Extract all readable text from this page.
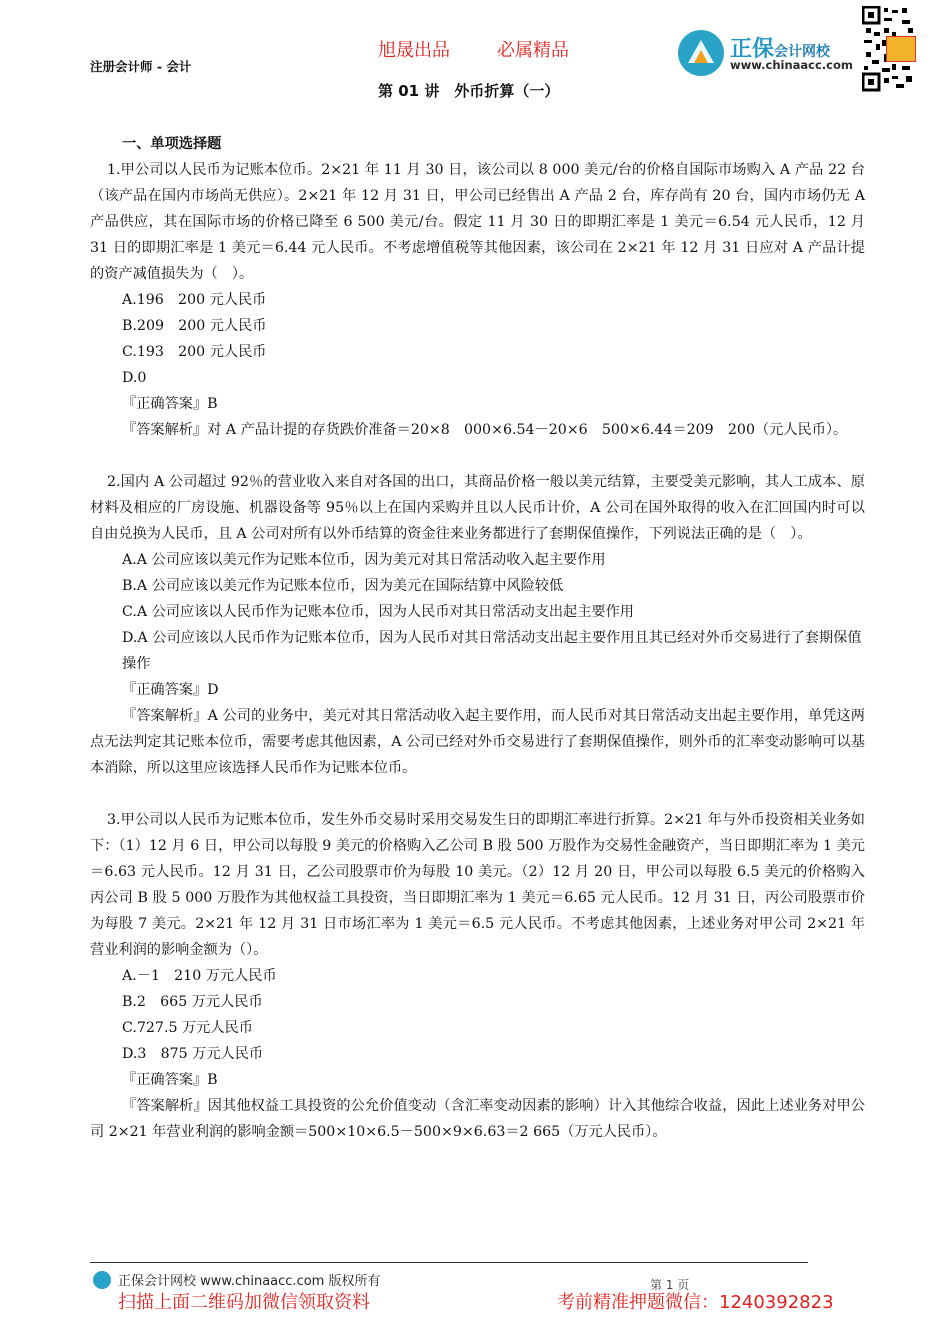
旭晟出品	必属精品
注册会计师 - 会计
第 01 讲　外币折算（一）
正保会计网校
www.chinaacc.com
一、单项选择题
1.甲公司以人民币为记账本位币。2×21 年 11 月 30 日，该公司以 8 000 美元/台的价格自国际市场购入 A 产品 22 台（该产品在国内市场尚无供应）。2×21 年 12 月 31 日，甲公司已经售出 A 产品 2 台，库存尚有 20 台，国内市场仍无 A 产品供应，其在国际市场的价格已降至 6 500 美元/台。假定 11 月 30 日的即期汇率是 1 美元＝6.54 元人民币，12 月 31 日的即期汇率是 1 美元＝6.44 元人民币。不考虑增值税等其他因素，该公司在 2×21 年 12 月 31 日应对 A 产品计提的资产减值损失为（　）。
A.196　200 元人民币
B.209　200 元人民币
C.193　200 元人民币
D.0
『正确答案』B
『答案解析』对 A 产品计提的存货跌价准备＝20×8　000×6.54－20×6　500×6.44＝209　200（元人民币）。
2.国内 A 公司超过 92％的营业收入来自对各国的出口，其商品价格一般以美元结算，主要受美元影响，其人工成本、原材料及相应的厂房设施、机器设备等 95％以上在国内采购并且以人民币计价，A 公司在国外取得的收入在汇回国内时可以自由兑换为人民币，且 A 公司对所有以外币结算的资金往来业务都进行了套期保值操作，下列说法正确的是（　）。
A.A 公司应该以美元作为记账本位币，因为美元对其日常活动收入起主要作用
B.A 公司应该以美元作为记账本位币，因为美元在国际结算中风险较低
C.A 公司应该以人民币作为记账本位币，因为人民币对其日常活动支出起主要作用
D.A 公司应该以人民币作为记账本位币，因为人民币对其日常活动支出起主要作用且其已经对外币交易进行了套期保值操作
『正确答案』D
『答案解析』A 公司的业务中，美元对其日常活动收入起主要作用，而人民币对其日常活动支出起主要作用，单凭这两点无法判定其记账本位币，需要考虑其他因素，A 公司已经对外币交易进行了套期保值操作，则外币的汇率变动影响可以基本消除，所以这里应该选择人民币作为记账本位币。
3.甲公司以人民币为记账本位币，发生外币交易时采用交易发生日的即期汇率进行折算。2×21 年与外币投资相关业务如下：（1）12 月 6 日，甲公司以每股 9 美元的价格购入乙公司 B 股 500 万股作为交易性金融资产，当日即期汇率为 1 美元＝6.63 元人民币。12 月 31 日，乙公司股票市价为每股 10 美元。（2）12 月 20 日，甲公司以每股 6.5 美元的价格购入丙公司 B 股 5 000 万股作为其他权益工具投资，当日即期汇率为 1 美元＝6.65 元人民币。12 月 31 日，丙公司股票市价为每股 7 美元。2×21 年 12 月 31 日市场汇率为 1 美元＝6.5 元人民币。不考虑其他因素，上述业务对甲公司 2×21 年营业利润的影响金额为（）。
A.－1　210 万元人民币
B.2　665 万元人民币
C.727.5 万元人民币
D.3　875 万元人民币
『正确答案』B
『答案解析』因其他权益工具投资的公允价值变动（含汇率变动因素的影响）计入其他综合收益，因此上述业务对甲公司 2×21 年营业利润的影响金额＝500×10×6.5－500×9×6.63＝2 665（万元人民币）。
正保会计网校 www.chinaacc.com 版权所有	第 1 页
扫描上面二维码加微信领取资料	考前精准押题微信：1240392823
